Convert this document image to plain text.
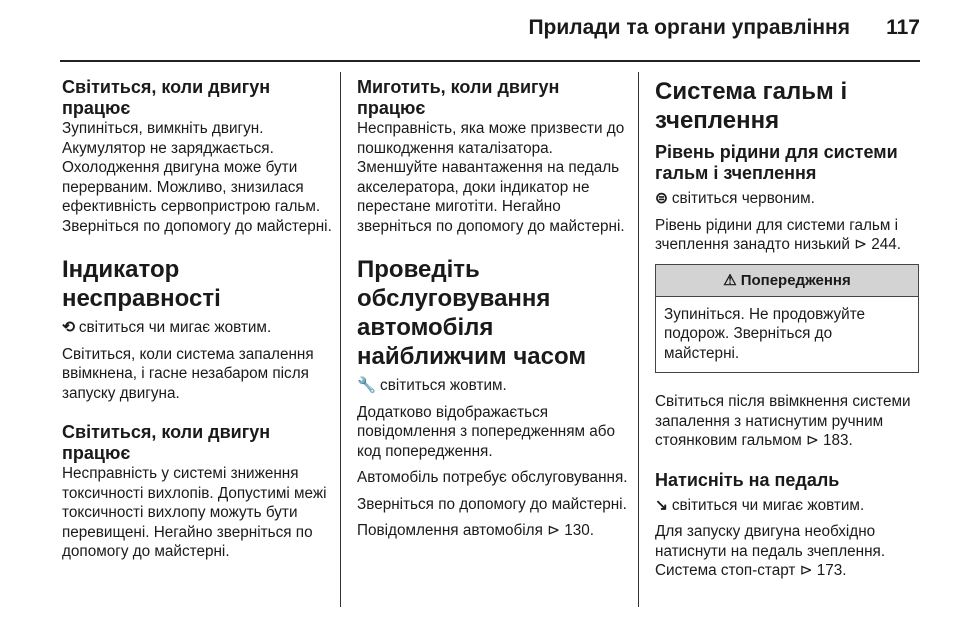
Прилади та органи управління 117
Світиться, коли двигун працює

Зупиніться, вимкніть двигун. Акумулятор не заряджається. Охолодження двигуна може бути перерваним. Можливо, знизилася ефективність сервопристрою гальм. Зверніться по допомогу до майстерні.

Індикатор несправності

⟲ світиться чи мигає жовтим.

Світиться, коли система запалення ввімкнена, і гасне незабаром після запуску двигуна.

Світиться, коли двигун працює

Несправність у системі зниження токсичності вихлопів. Допустимі межі токсичності вихлопу можуть бути перевищені. Негайно зверніться по допомогу до майстерні.

Миготить, коли двигун працює

Несправність, яка може призвести до пошкодження каталізатора. Зменшуйте навантаження на педаль акселератора, доки індикатор не перестане миготіти. Негайно зверніться по допомогу до майстерні.

Проведіть обслуговування автомобіля найближчим часом

🔧 світиться жовтим.

Додатково відображається повідомлення з попередженням або код попередження.

Автомобіль потребує обслуговування.

Зверніться по допомогу до майстерні.

Повідомлення автомобіля ⊳ 130.

Система гальм і зчеплення
Рівень рідини для системи гальм і зчеплення

⊜ світиться червоним.

Рівень рідини для системи гальм і зчеплення занадто низький ⊳ 244.

⚠ Попередження

Зупиніться. Не продовжуйте подорож. Зверніться до майстерні.

Світиться після ввімкнення системи запалення з натиснутим ручним стоянковим гальмом ⊳ 183.

Натисніть на педаль

↘ світиться чи мигає жовтим.

Для запуску двигуна необхідно натиснути на педаль зчеплення. Система стоп-старт ⊳ 173.
